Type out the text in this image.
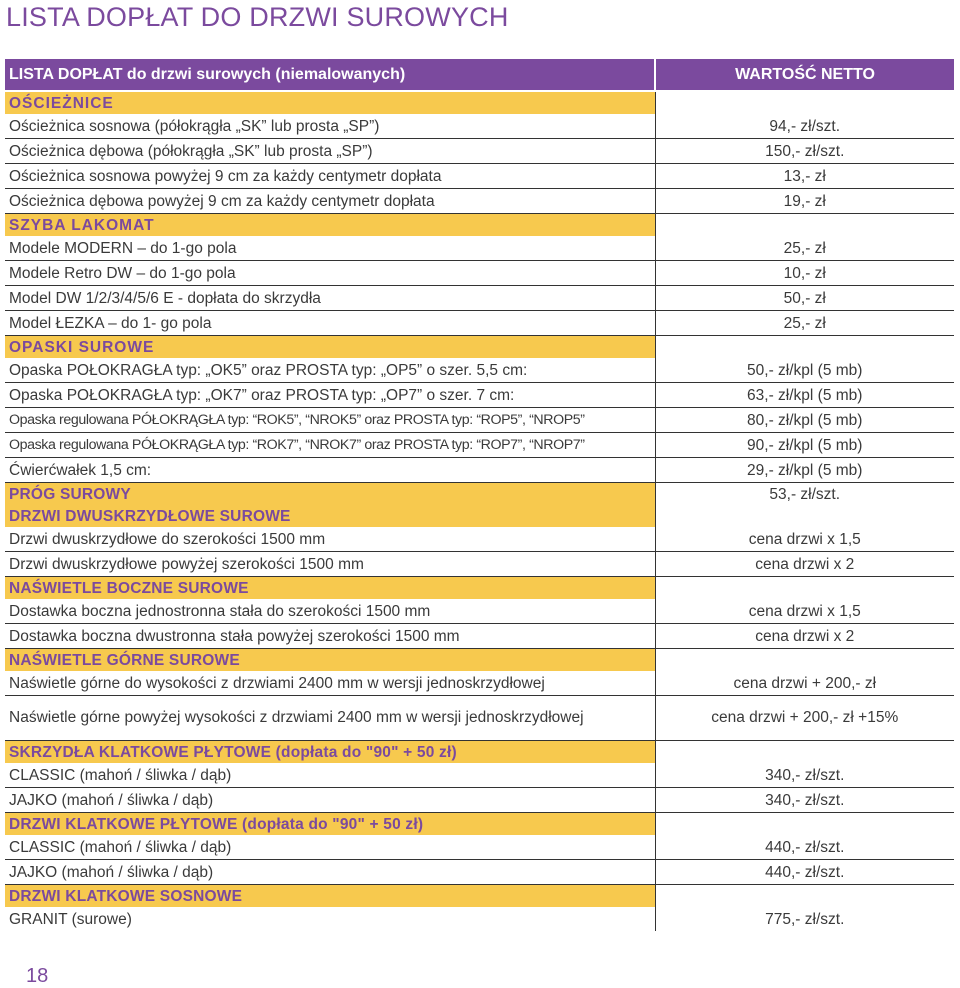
LISTA DOPŁAT DO DRZWI SUROWYCH
LISTA DOPŁAT do drzwi surowych (niemalowanych)	WARTOŚĆ NETTO
OŚCIEŻNICE	
Ościeżnica sosnowa (półokrągła „SK” lub prosta „SP”)	94,- zł/szt.
Ościeżnica dębowa (półokrągła „SK” lub prosta „SP”)	150,- zł/szt.
Ościeżnica sosnowa powyżej 9 cm za każdy centymetr dopłata	13,- zł
Ościeżnica dębowa powyżej 9 cm za każdy centymetr dopłata	19,- zł
SZYBA LAKOMAT	
Modele MODERN – do 1-go pola	25,- zł
Modele Retro DW – do 1-go pola	10,- zł
Model DW 1/2/3/4/5/6 E - dopłata do skrzydła	50,- zł
Model ŁEZKA – do 1- go pola	25,- zł
OPASKI SUROWE	
Opaska POŁOKRAGŁA typ: „OK5” oraz PROSTA typ: „OP5” o szer. 5,5 cm:	50,- zł/kpl (5 mb)
Opaska POŁOKRAGŁA typ: „OK7” oraz PROSTA typ: „OP7” o szer. 7 cm:	63,- zł/kpl (5 mb)
Opaska regulowana PÓŁOKRĄGŁA typ: “ROK5”, “NROK5” oraz PROSTA typ: “ROP5”, “NROP5”	80,- zł/kpl (5 mb)
Opaska regulowana PÓŁOKRĄGŁA typ: “ROK7”, “NROK7” oraz PROSTA typ: “ROP7”, “NROP7”	90,- zł/kpl (5 mb)
Ćwierćwałek 1,5 cm:	29,- zł/kpl (5 mb)
PRÓG SUROWY	53,- zł/szt.
DRZWI DWUSKRZYDŁOWE SUROWE	
Drzwi dwuskrzydłowe do szerokości 1500 mm	cena drzwi x 1,5
Drzwi dwuskrzydłowe powyżej szerokości 1500 mm	cena drzwi x 2
NAŚWIETLE BOCZNE SUROWE	
Dostawka boczna jednostronna stała do szerokości 1500 mm	cena drzwi x 1,5
Dostawka boczna dwustronna stała powyżej szerokości 1500 mm	cena drzwi x 2
NAŚWIETLE GÓRNE SUROWE	
Naświetle górne do wysokości z drzwiami 2400 mm w wersji jednoskrzydłowej	cena drzwi + 200,- zł
Naświetle górne powyżej wysokości z drzwiami 2400 mm w wersji jednoskrzydłowej	cena drzwi + 200,- zł +15%
SKRZYDŁA KLATKOWE PŁYTOWE (dopłata do "90" + 50 zł)	
CLASSIC (mahoń / śliwka / dąb)	340,- zł/szt.
JAJKO (mahoń / śliwka / dąb)	340,- zł/szt.
DRZWI KLATKOWE PŁYTOWE (dopłata do "90" + 50 zł)	
CLASSIC (mahoń / śliwka / dąb)	440,- zł/szt.
JAJKO (mahoń / śliwka / dąb)	440,- zł/szt.
DRZWI KLATKOWE SOSNOWE	
GRANIT (surowe)	775,- zł/szt.
18
